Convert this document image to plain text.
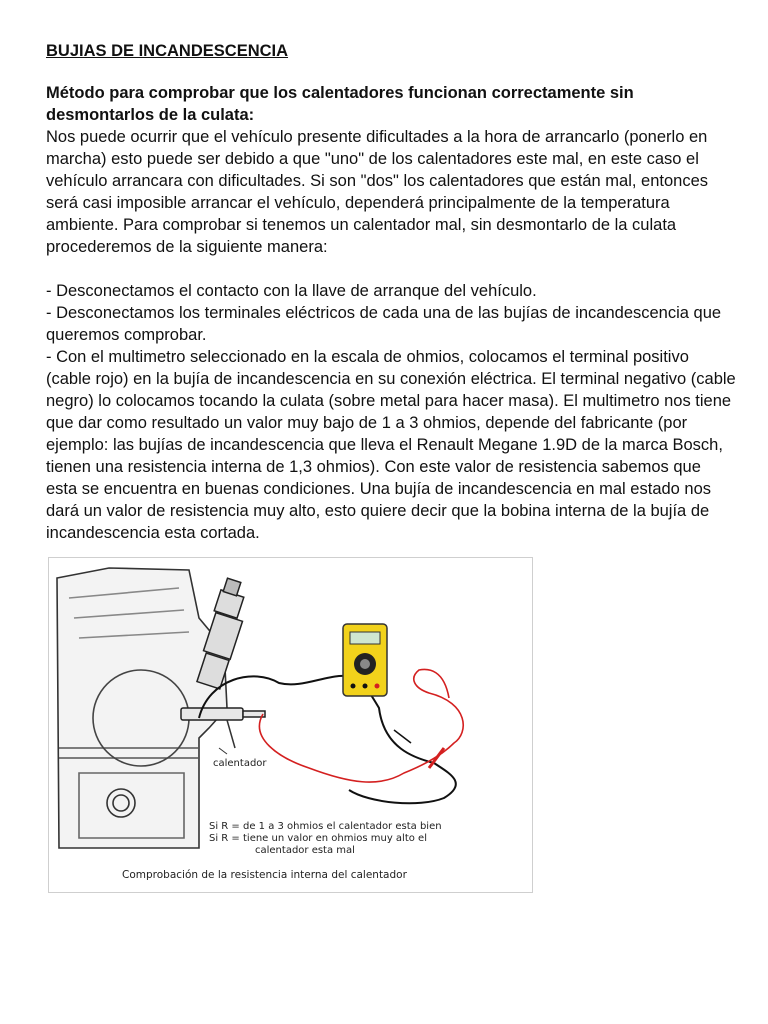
BUJIAS DE INCANDESCENCIA

Método para comprobar que los calentadores funcionan correctamente sin desmontarlos de la culata:

Nos puede ocurrir que el vehículo presente dificultades a la hora de arrancarlo (ponerlo en marcha) esto puede ser debido a que "uno" de los calentadores este mal, en este caso el vehículo arrancara con dificultades. Si son "dos" los calentadores que están mal, entonces será casi imposible arrancar el vehículo, dependerá principalmente de la temperatura ambiente. Para comprobar si tenemos un calentador mal, sin desmontarlo de la culata procederemos de la siguiente manera:

- Desconectamos el contacto con la llave de arranque del vehículo.

- Desconectamos los terminales eléctricos de cada una de las bujías de incandescencia que queremos comprobar.

- Con el multimetro seleccionado en la escala de ohmios, colocamos el terminal positivo (cable rojo) en la bujía de incandescencia en su conexión eléctrica. El terminal negativo (cable negro) lo colocamos tocando la culata (sobre metal para hacer masa). El multimetro nos tiene que dar como resultado un valor muy bajo de 1 a 3 ohmios, depende del fabricante (por ejemplo: las bujías de incandescencia que lleva el Renault Megane 1.9D de la marca Bosch, tienen una resistencia interna de 1,3 ohmios). Con este valor de resistencia sabemos que esta se encuentra en buenas condiciones. Una bujía de incandescencia en mal estado nos dará un valor de resistencia muy alto, esto quiere decir que la bobina interna de la bujía de incandescencia esta cortada.

calentador
Si R = de 1 a 3 ohmios el calentador esta bien
Si R = tiene un valor en ohmios muy alto el
calentador esta mal
Comprobación de la resistencia interna del calentador
